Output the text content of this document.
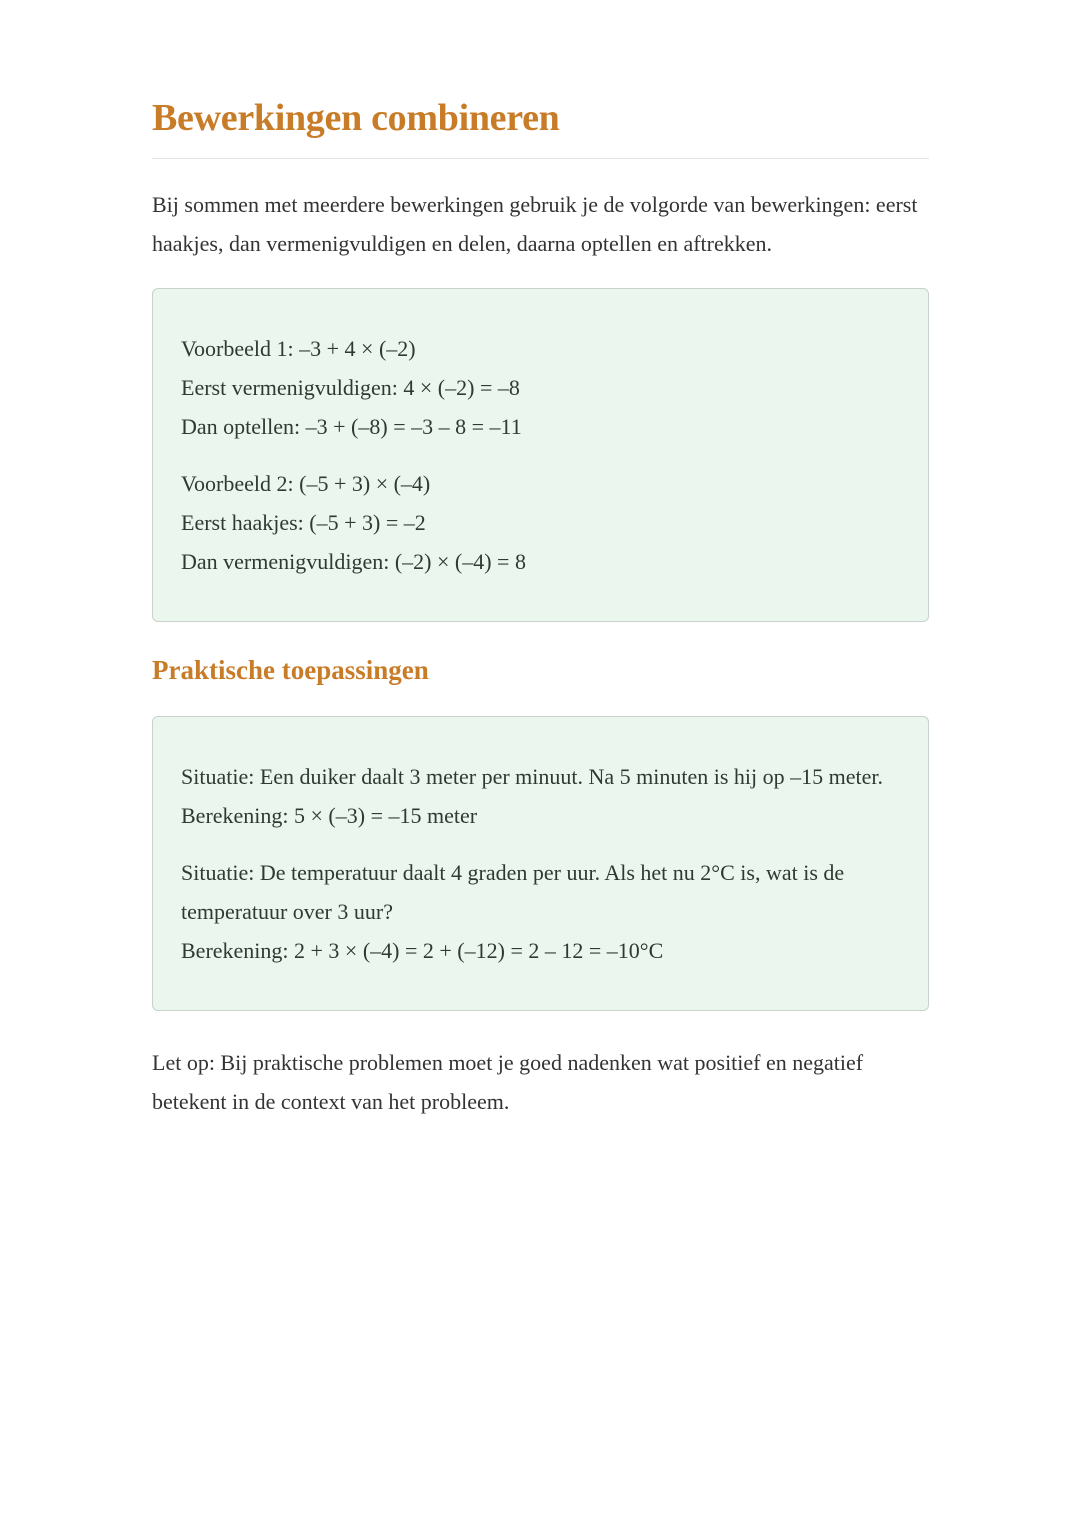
Bewerkingen combineren

Bij sommen met meerdere bewerkingen gebruik je de volgorde van bewerkingen: eerst haakjes, dan vermenigvuldigen en delen, daarna optellen en aftrekken.

Voorbeeld 1: –3 + 4 × (–2)
Eerst vermenigvuldigen: 4 × (–2) = –8
Dan optellen: –3 + (–8) = –3 – 8 = –11

Voorbeeld 2: (–5 + 3) × (–4)
Eerst haakjes: (–5 + 3) = –2
Dan vermenigvuldigen: (–2) × (–4) = 8

Praktische toepassingen

Situatie: Een duiker daalt 3 meter per minuut. Na 5 minuten is hij op –15 meter.
Berekening: 5 × (–3) = –15 meter

Situatie: De temperatuur daalt 4 graden per uur. Als het nu 2°C is, wat is de temperatuur over 3 uur?
Berekening: 2 + 3 × (–4) = 2 + (–12) = 2 – 12 = –10°C

Let op: Bij praktische problemen moet je goed nadenken wat positief en negatief betekent in de context van het probleem.
